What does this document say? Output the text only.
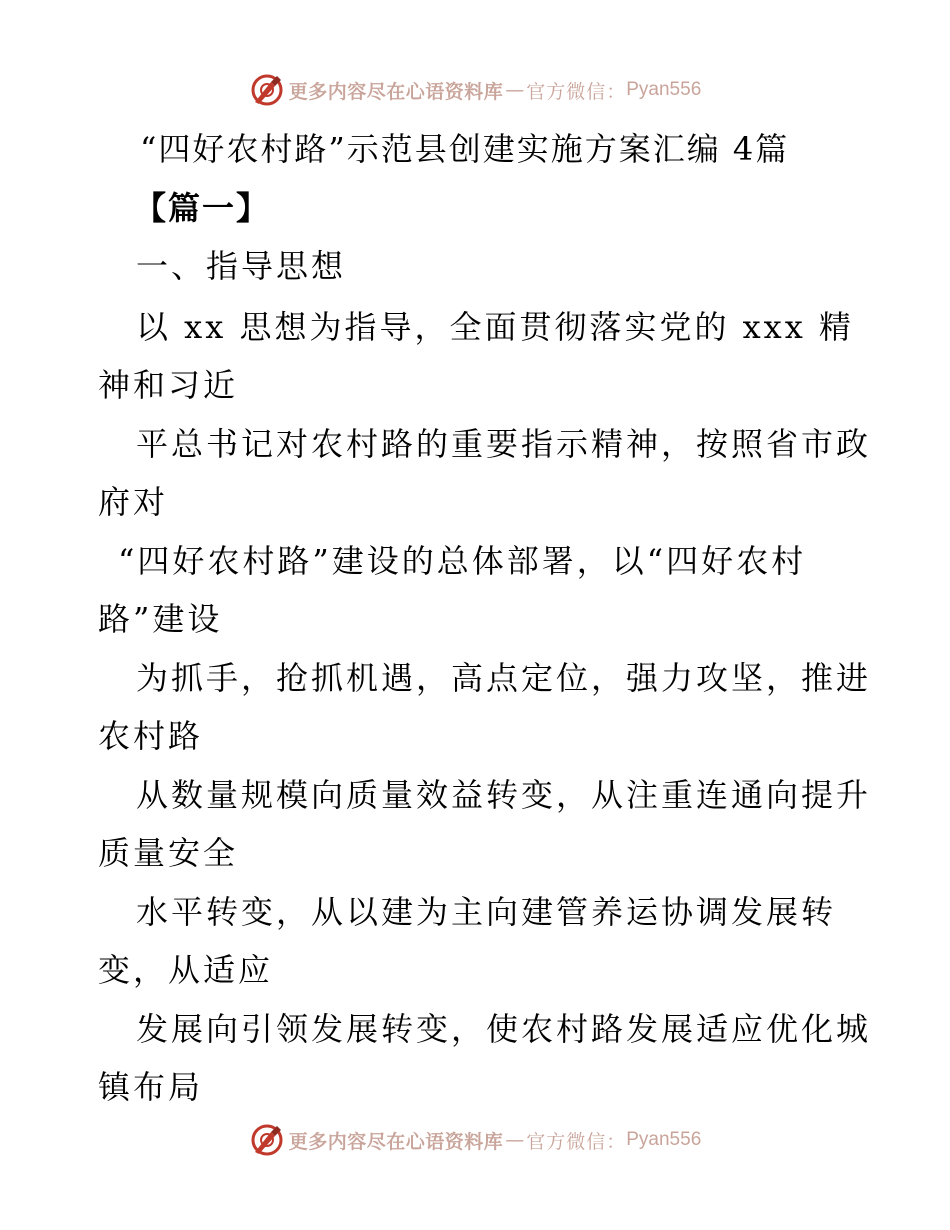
更多内容尽在心语资料库 — 官方微信： Pyan556
“四好农村路”示范县创建实施方案汇编 4篇
【篇一】
一、指导思想
以 xx 思想为指导，全面贯彻落实党的 xxx 精
神和习近
平总书记对农村路的重要指示精神，按照省市政
府对
“四好农村路”建设的总体部署，以“四好农村
路”建设
为抓手，抢抓机遇，高点定位，强力攻坚，推进
农村路
从数量规模向质量效益转变，从注重连通向提升
质量安全
水平转变，从以建为主向建管养运协调发展转
变，从适应
发展向引领发展转变，使农村路发展适应优化城
镇布局
更多内容尽在心语资料库 — 官方微信： Pyan556
